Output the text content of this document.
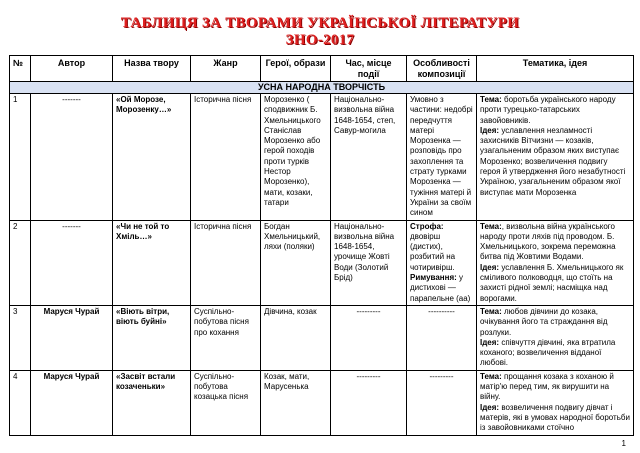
ТАБЛИЦЯ ЗА ТВОРАМИ УКРАЇНСЬКОЇ ЛІТЕРАТУРИ
ЗНО-2017
№	Автор	Назва твору	Жанр	Герої, образи	Час, місце події	Особливості композиції	Тематика, ідея
УСНА НАРОДНА ТВОРЧІСТЬ							
1	-------	«Ой Морозе, Морозенку…»	Історична пісня	Морозенко ( сподвижник Б. Хмельницького Станіслав Морозенко або герой походів проти турків Нестор Морозенко), мати, козаки, татари	Національно-визвольна війна 1648-1654, степ, Савур-могила	Умовно з частини: недобрі передчуття матері Морозенка — розповідь про захоплення та страту турками Морозенка — тужіння матері й України за своїм сином	Тема: боротьба українського народу проти турецько-татарських завойовників.
Ідея: уславлення незламності захисників Вітчизни — козаків, узагальненим образом яких виступає Морозенко; возвеличення подвигу героя й утвердження його незабутності Україною, узагальненим образом якої виступає мати Морозенка
2	-------	«Чи не той то Хміль…»	Історична пісня	Богдан Хмельницький, ляхи (поляки)	Національно-визвольна війна 1648-1654, урочище Жовті Води (Золотий Брід)	Строфа: двовірш (дистих), розбитий на чотиривірш.
Римування: у дистихові — парапельне (аа)	Тема:, визвольна війна українського народу проти ляхів під проводом. Б. Хмельницького, зокрема переможна битва під Жовтими Водами.
Ідея: уславлення Б. Хмельницького як сміливого полководця, що стоїть на захисті рідної землі; насміщка над ворогами.
3	Маруся Чурай	«Віють вітри, віють буйні»	Суспільно-побутова пісня про кохання	Дівчина, козак	---------	----------	Тема: любов дівчини до козака, очікування його та страждання від розлуки.
Ідея: співчуття дівчині, яка втратила коханого; возвеличення відданої любові.
4	Маруся Чурай	«Засвіт встали козаченьки»	Суспільно-побутова козацька пісня	Козак, мати, Марусенька	---------	---------	Тема: прощання козака з коханою й матір'ю перед тим, як вирушити на війну.
Ідея: возвеличення подвигу дівчат і матерів, які в умовах народної боротьби із завойовниками стоїчно
1
